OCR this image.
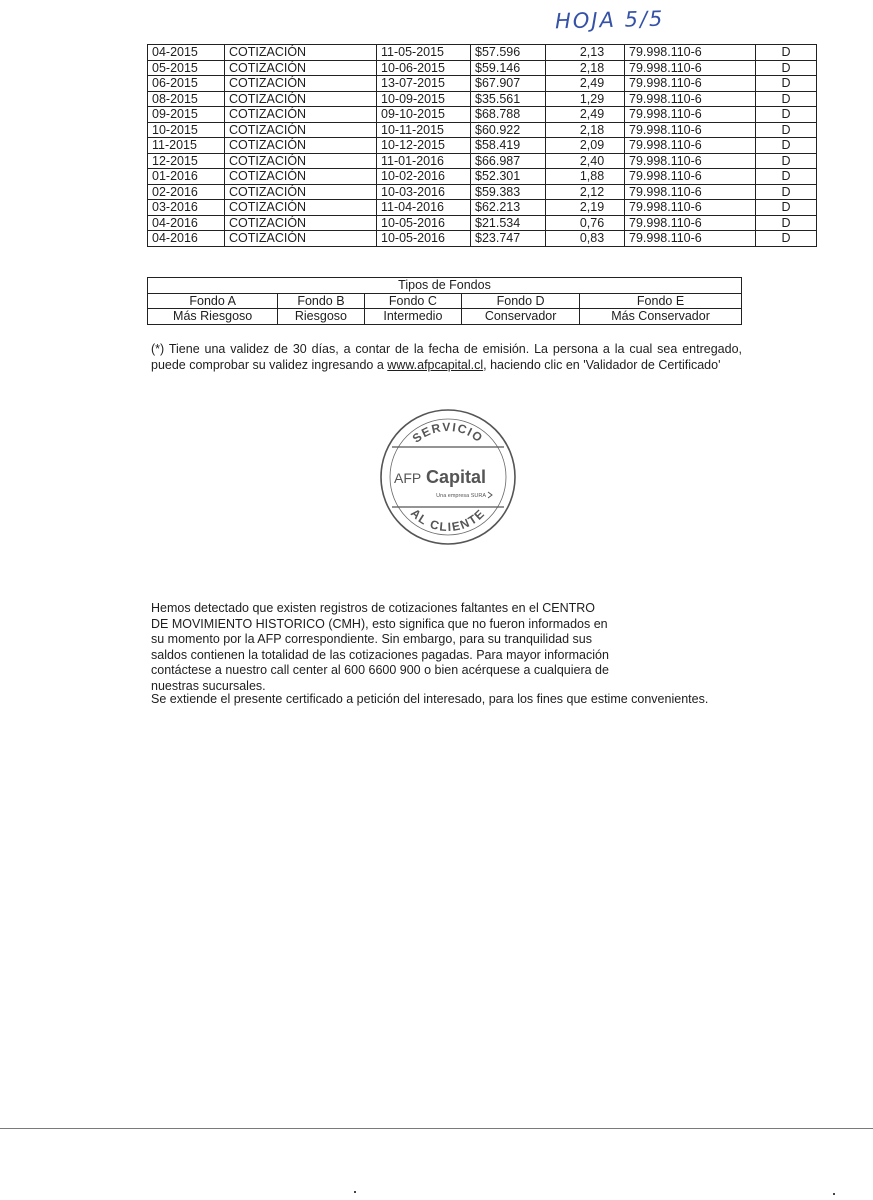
HOJA 5/5
04-2015	COTIZACIÓN	11-05-2015	$57.596	2,13	79.998.110-6	D
05-2015	COTIZACIÓN	10-06-2015	$59.146	2,18	79.998.110-6	D
06-2015	COTIZACIÓN	13-07-2015	$67.907	2,49	79.998.110-6	D
08-2015	COTIZACIÓN	10-09-2015	$35.561	1,29	79.998.110-6	D
09-2015	COTIZACIÓN	09-10-2015	$68.788	2,49	79.998.110-6	D
10-2015	COTIZACIÓN	10-11-2015	$60.922	2,18	79.998.110-6	D
11-2015	COTIZACIÓN	10-12-2015	$58.419	2,09	79.998.110-6	D
12-2015	COTIZACIÓN	11-01-2016	$66.987	2,40	79.998.110-6	D
01-2016	COTIZACIÓN	10-02-2016	$52.301	1,88	79.998.110-6	D
02-2016	COTIZACIÓN	10-03-2016	$59.383	2,12	79.998.110-6	D
03-2016	COTIZACIÓN	11-04-2016	$62.213	2,19	79.998.110-6	D
04-2016	COTIZACIÓN	10-05-2016	$21.534	0,76	79.998.110-6	D
04-2016	COTIZACIÓN	10-05-2016	$23.747	0,83	79.998.110-6	D
Tipos de Fondos				
Fondo A	Fondo B	Fondo C	Fondo D	Fondo E
Más Riesgoso	Riesgoso	Intermedio	Conservador	Más Conservador
(*) Tiene una validez de 30 días, a contar de la fecha de emisión. La persona a la cual sea entregado, puede comprobar su validez ingresando a www.afpcapital.cl, haciendo clic en 'Validador de Certificado'
SERVICIO
AL CLIENTE
AFP Capital
Una empresa SURA
Hemos detectado que existen registros de cotizaciones faltantes en el CENTRO DE MOVIMIENTO HISTORICO (CMH), esto significa que no fueron informados en su momento por la AFP correspondiente. Sin embargo, para su tranquilidad sus saldos contienen la totalidad de las cotizaciones pagadas. Para mayor información contáctese a nuestro call center al 600 6600 900 o bien acérquese a cualquiera de nuestras sucursales.
Se extiende el presente certificado a petición del interesado, para los fines que estime convenientes.
